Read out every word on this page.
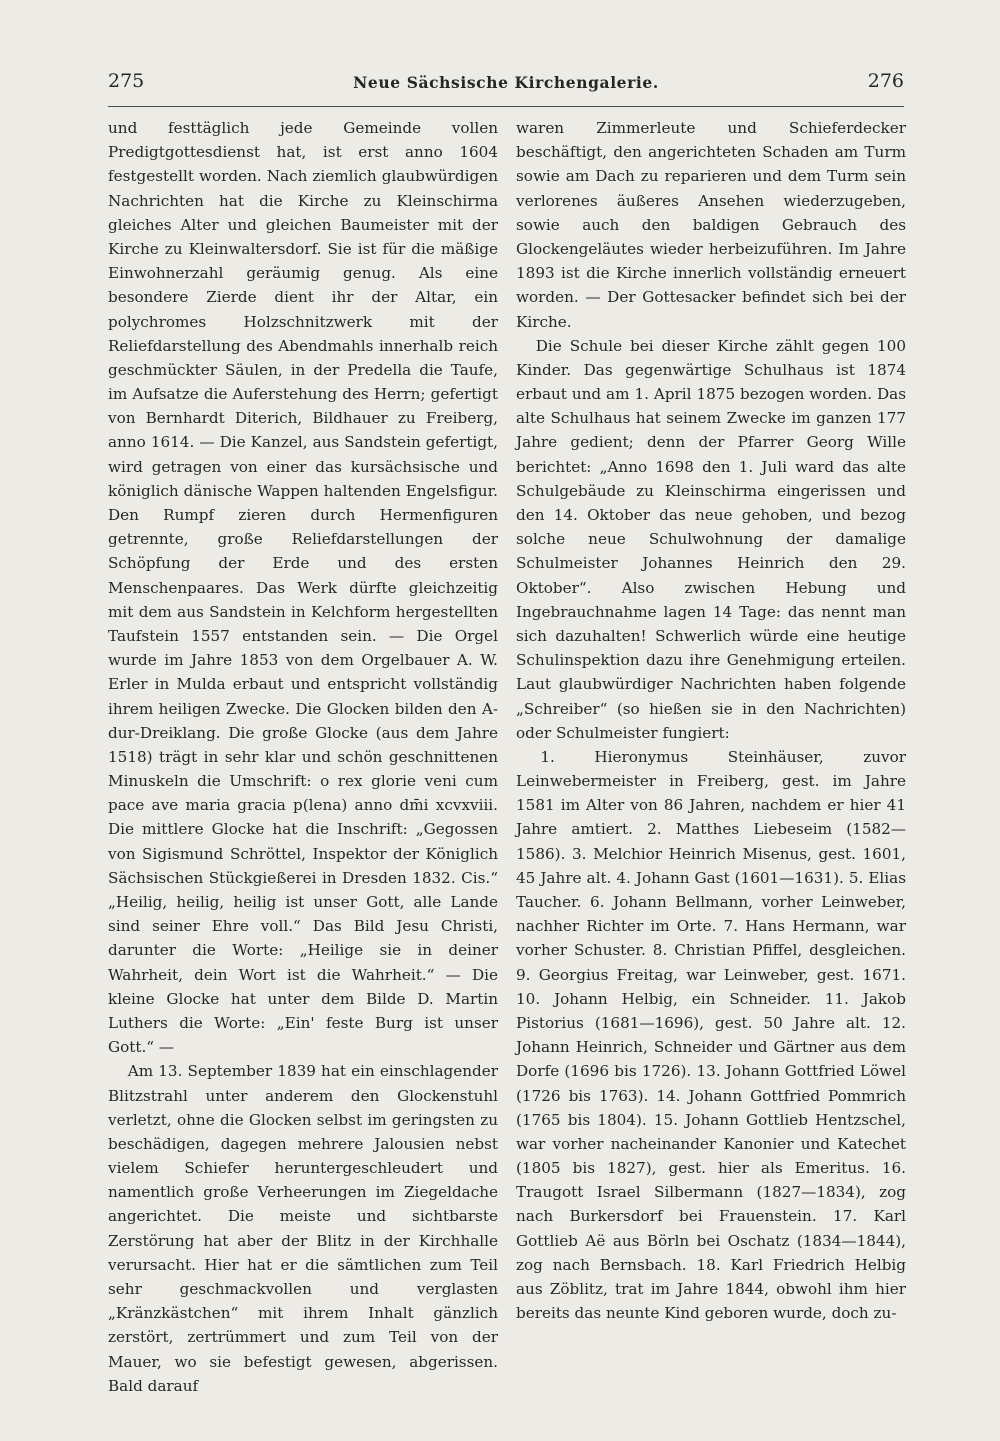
275	Neue Sächsische Kirchengalerie.	276

und festtäglich jede Gemeinde vollen Predigtgottesdienst hat, ist erst anno 1604 festgestellt worden. Nach ziemlich glaubwürdigen Nachrichten hat die Kirche zu Kleinschirma gleiches Alter und gleichen Baumeister mit der Kirche zu Kleinwaltersdorf. Sie ist für die mäßige Einwohnerzahl geräumig genug. Als eine besondere Zierde dient ihr der Altar, ein polychromes Holzschnitzwerk mit der Reliefdarstellung des Abendmahls innerhalb reich geschmückter Säulen, in der Predella die Taufe, im Aufsatze die Auferstehung des Herrn; gefertigt von Bernhardt Diterich, Bildhauer zu Freiberg, anno 1614. — Die Kanzel, aus Sandstein gefertigt, wird getragen von einer das kursächsische und königlich dänische Wappen haltenden Engelsfigur. Den Rumpf zieren durch Hermenfiguren getrennte, große Reliefdarstellungen der Schöpfung der Erde und des ersten Menschenpaares. Das Werk dürfte gleichzeitig mit dem aus Sandstein in Kelchform hergestellten Taufstein 1557 entstanden sein. — Die Orgel wurde im Jahre 1853 von dem Orgelbauer A. W. Erler in Mulda erbaut und entspricht vollständig ihrem heiligen Zwecke. Die Glocken bilden den A-dur-Dreiklang. Die große Glocke (aus dem Jahre 1518) trägt in sehr klar und schön geschnittenen Minuskeln die Umschrift: o rex glorie veni cum pace ave maria gracia p(lena) anno dm̄i xcvxviii. Die mittlere Glocke hat die Inschrift: „Gegossen von Sigismund Schröttel, Inspektor der Königlich Sächsischen Stückgießerei in Dresden 1832. Cis.“ „Heilig, heilig, heilig ist unser Gott, alle Lande sind seiner Ehre voll.“ Das Bild Jesu Christi, darunter die Worte: „Heilige sie in deiner Wahrheit, dein Wort ist die Wahrheit.“ — Die kleine Glocke hat unter dem Bilde D. Martin Luthers die Worte: „Ein' feste Burg ist unser Gott.“ —

Am 13. September 1839 hat ein einschlagender Blitzstrahl unter anderem den Glockenstuhl verletzt, ohne die Glocken selbst im geringsten zu beschädigen, dagegen mehrere Jalousien nebst vielem Schiefer heruntergeschleudert und namentlich große Verheerungen im Ziegeldache angerichtet. Die meiste und sichtbarste Zerstörung hat aber der Blitz in der Kirchhalle verursacht. Hier hat er die sämtlichen zum Teil sehr geschmackvollen und verglasten „Kränzkästchen“ mit ihrem Inhalt gänzlich zerstört, zertrümmert und zum Teil von der Mauer, wo sie befestigt gewesen, abgerissen. Bald darauf

waren Zimmerleute und Schieferdecker beschäftigt, den angerichteten Schaden am Turm sowie am Dach zu reparieren und dem Turm sein verlorenes äußeres Ansehen wiederzugeben, sowie auch den baldigen Gebrauch des Glockengeläutes wieder herbeizuführen. Im Jahre 1893 ist die Kirche innerlich vollständig erneuert worden. — Der Gottesacker befindet sich bei der Kirche.

Die Schule bei dieser Kirche zählt gegen 100 Kinder. Das gegenwärtige Schulhaus ist 1874 erbaut und am 1. April 1875 bezogen worden. Das alte Schulhaus hat seinem Zwecke im ganzen 177 Jahre gedient; denn der Pfarrer Georg Wille berichtet: „Anno 1698 den 1. Juli ward das alte Schulgebäude zu Kleinschirma eingerissen und den 14. Oktober das neue gehoben, und bezog solche neue Schulwohnung der damalige Schulmeister Johannes Heinrich den 29. Oktober“. Also zwischen Hebung und Ingebrauchnahme lagen 14 Tage: das nennt man sich dazuhalten! Schwerlich würde eine heutige Schulinspektion dazu ihre Genehmigung erteilen. Laut glaubwürdiger Nachrichten haben folgende „Schreiber“ (so hießen sie in den Nachrichten) oder Schulmeister fungiert:

1. Hieronymus Steinhäuser, zuvor Leinwebermeister in Freiberg, gest. im Jahre 1581 im Alter von 86 Jahren, nachdem er hier 41 Jahre amtiert. 2. Matthes Liebeseim (1582—1586). 3. Melchior Heinrich Misenus, gest. 1601, 45 Jahre alt. 4. Johann Gast (1601—1631). 5. Elias Taucher. 6. Johann Bellmann, vorher Leinweber, nachher Richter im Orte. 7. Hans Hermann, war vorher Schuster. 8. Christian Pfiffel, desgleichen. 9. Georgius Freitag, war Leinweber, gest. 1671. 10. Johann Helbig, ein Schneider. 11. Jakob Pistorius (1681—1696), gest. 50 Jahre alt. 12. Johann Heinrich, Schneider und Gärtner aus dem Dorfe (1696 bis 1726). 13. Johann Gottfried Löwel (1726 bis 1763). 14. Johann Gottfried Pommrich (1765 bis 1804). 15. Johann Gottlieb Hentzschel, war vorher nacheinander Kanonier und Katechet (1805 bis 1827), gest. hier als Emeritus. 16. Traugott Israel Silbermann (1827—1834), zog nach Burkersdorf bei Frauenstein. 17. Karl Gottlieb Aë aus Börln bei Oschatz (1834—1844), zog nach Bernsbach. 18. Karl Friedrich Helbig aus Zöblitz, trat im Jahre 1844, obwohl ihm hier bereits das neunte Kind geboren wurde, doch zu-
